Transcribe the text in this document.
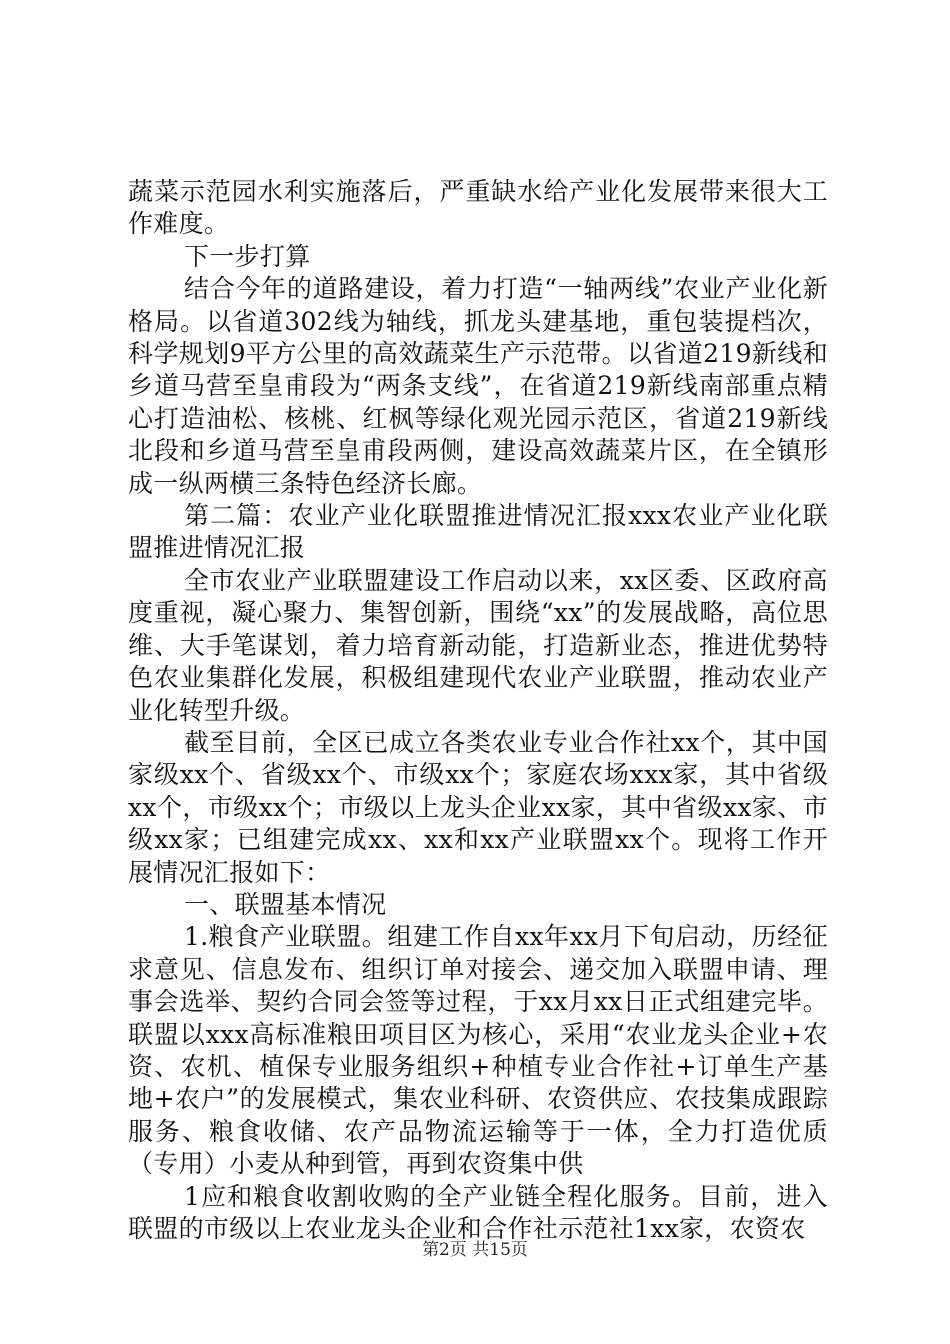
蔬菜示范园水利实施落后，严重缺水给产业化发展带来很大工作难度。

下一步打算

结合今年的道路建设，着力打造“一轴两线”农业产业化新格局。以省道302线为轴线，抓龙头建基地，重包装提档次，科学规划9平方公里的高效蔬菜生产示范带。以省道219新线和乡道马营至皇甫段为“两条支线”，在省道219新线南部重点精心打造油松、核桃、红枫等绿化观光园示范区，省道219新线北段和乡道马营至皇甫段两侧，建设高效蔬菜片区，在全镇形成一纵两横三条特色经济长廊。

第二篇：农业产业化联盟推进情况汇报xxx农业产业化联盟推进情况汇报

全市农业产业联盟建设工作启动以来，xx区委、区政府高度重视，凝心聚力、集智创新，围绕“xx”的发展战略，高位思维、大手笔谋划，着力培育新动能，打造新业态，推进优势特色农业集群化发展，积极组建现代农业产业联盟，推动农业产业化转型升级。

截至目前，全区已成立各类农业专业合作社xx个，其中国家级xx个、省级xx个、市级xx个；家庭农场xxx家，其中省级xx个，市级xx个；市级以上龙头企业xx家，其中省级xx家、市级xx家；已组建完成xx、xx和xx产业联盟xx个。现将工作开展情况汇报如下：

一、联盟基本情况

1.粮食产业联盟。组建工作自xx年xx月下旬启动，历经征求意见、信息发布、组织订单对接会、递交加入联盟申请、理事会选举、契约合同会签等过程，于xx月xx日正式组建完毕。联盟以xxx高标准粮田项目区为核心，采用“农业龙头企业+农资、农机、植保专业服务组织+种植专业合作社+订单生产基地+农户”的发展模式，集农业科研、农资供应、农技集成跟踪服务、粮食收储、农产品物流运输等于一体，全力打造优质（专用）小麦从种到管，再到农资集中供

1应和粮食收割收购的全产业链全程化服务。目前，进入联盟的市级以上农业龙头企业和合作社示范社1xx家，农资农

第2页 共15页
